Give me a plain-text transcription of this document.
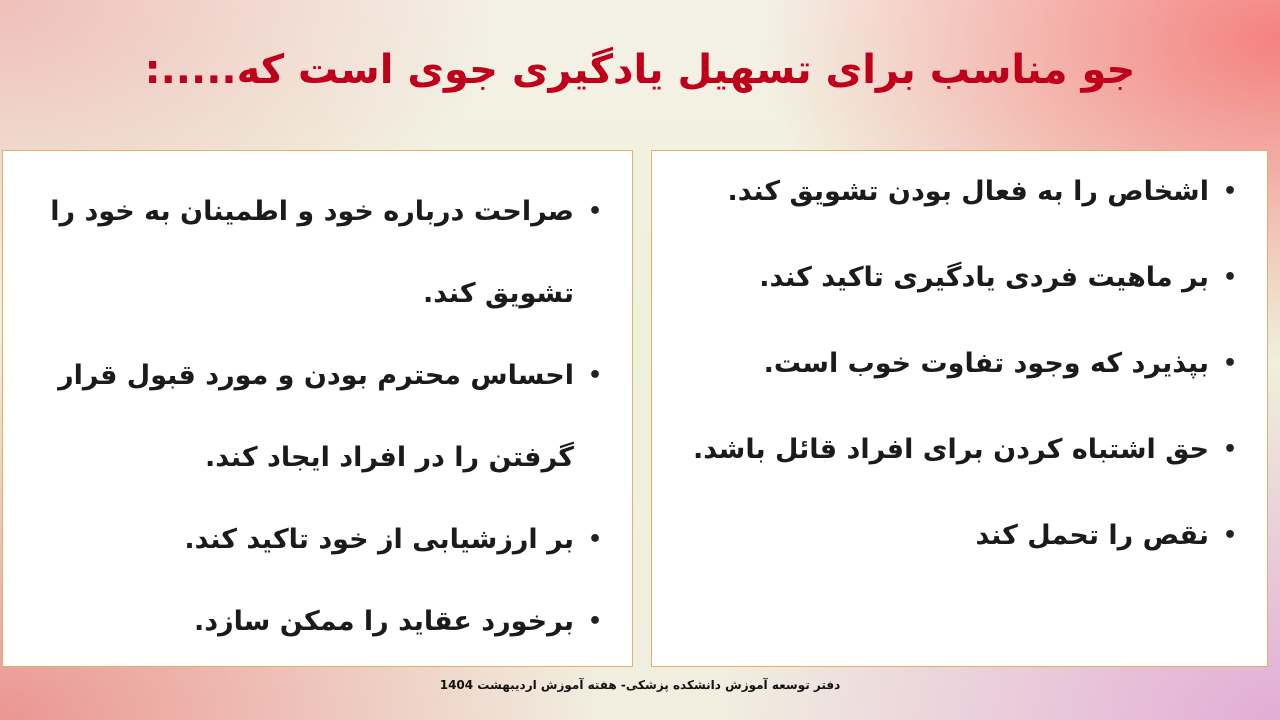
جو مناسب برای تسهیل یادگیری جوی است که.....:
•
اشخاص را به فعال بودن تشویق کند.
•
بر ماهیت فردی یادگیری تاکید کند.
•
بپذیرد که وجود تفاوت خوب است.
•
حق اشتباه کردن برای افراد قائل باشد.
•
نقص را تحمل کند
•
صراحت درباره خود و اطمینان به خود را تشویق کند.
•
احساس محترم بودن و مورد قبول قرار گرفتن را در افراد ایجاد کند.
•
بر ارزشیابی از خود تاکید کند.
•
برخورد عقاید را ممکن سازد.
دفتر توسعه آموزش دانشکده پزشکی- هفته آموزش اردیبهشت 1404
